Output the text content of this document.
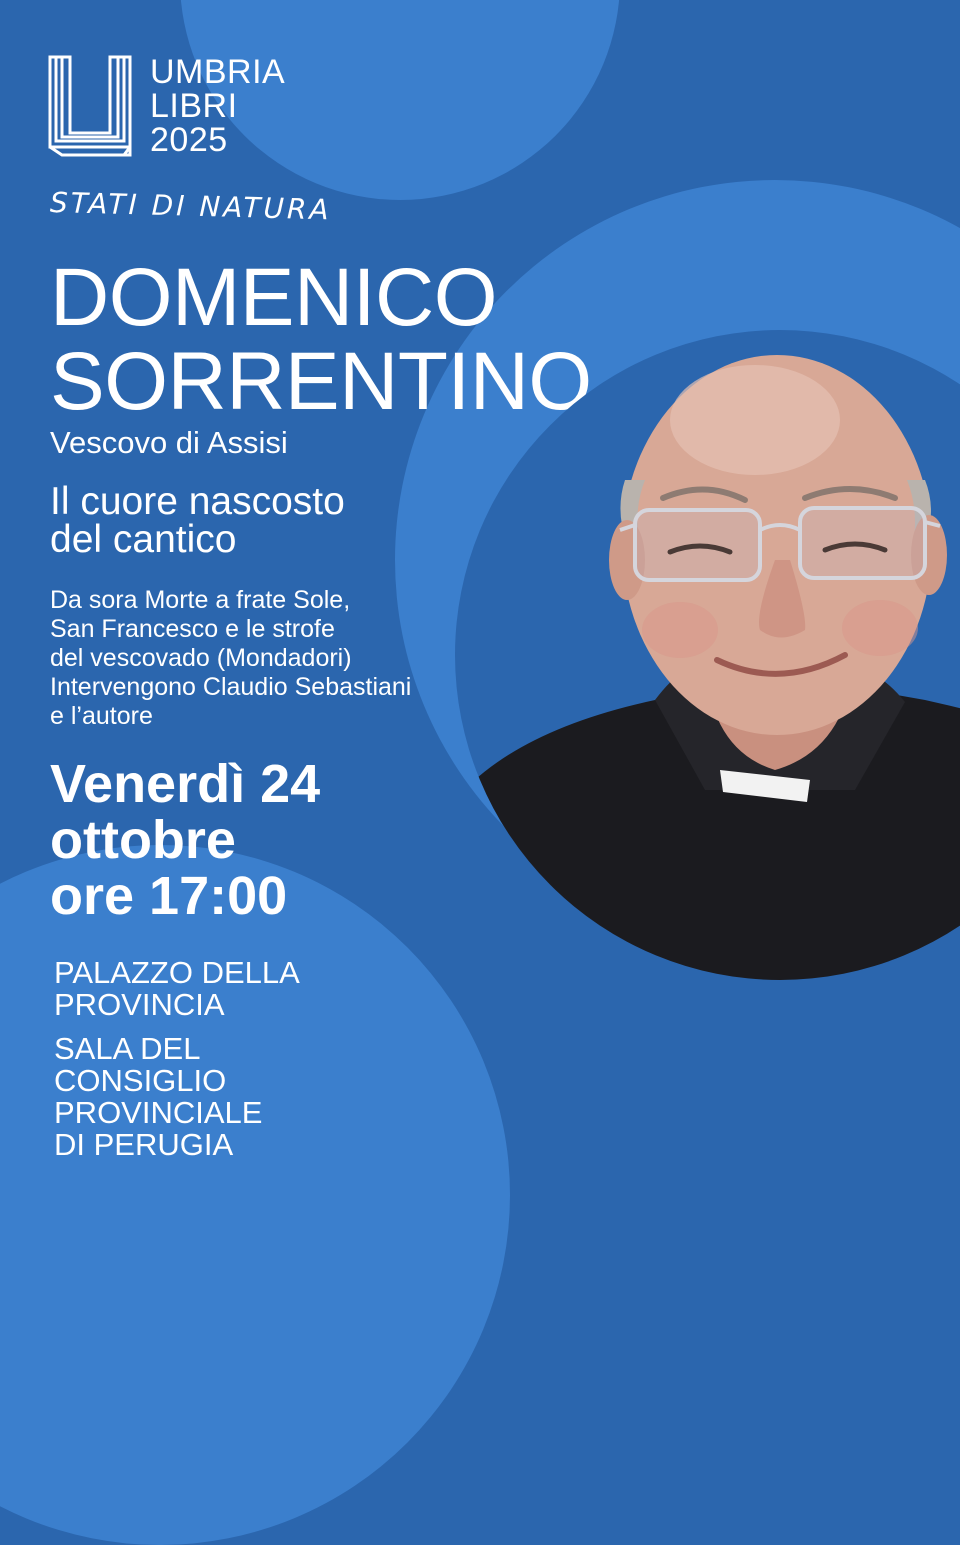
UMBRIA
LIBRI
2025
STATI DI NATURA
DOMENICO
SORRENTINO
Vescovo di Assisi
Il cuore nascosto
del cantico
Da sora Morte a frate Sole,
San Francesco e le strofe
del vescovado (Mondadori)
Intervengono Claudio Sebastiani
e l’autore
Venerdì 24
ottobre
ore 17:00
PALAZZO DELLA
PROVINCIA
SALA DEL
CONSIGLIO
PROVINCIALE
DI PERUGIA
